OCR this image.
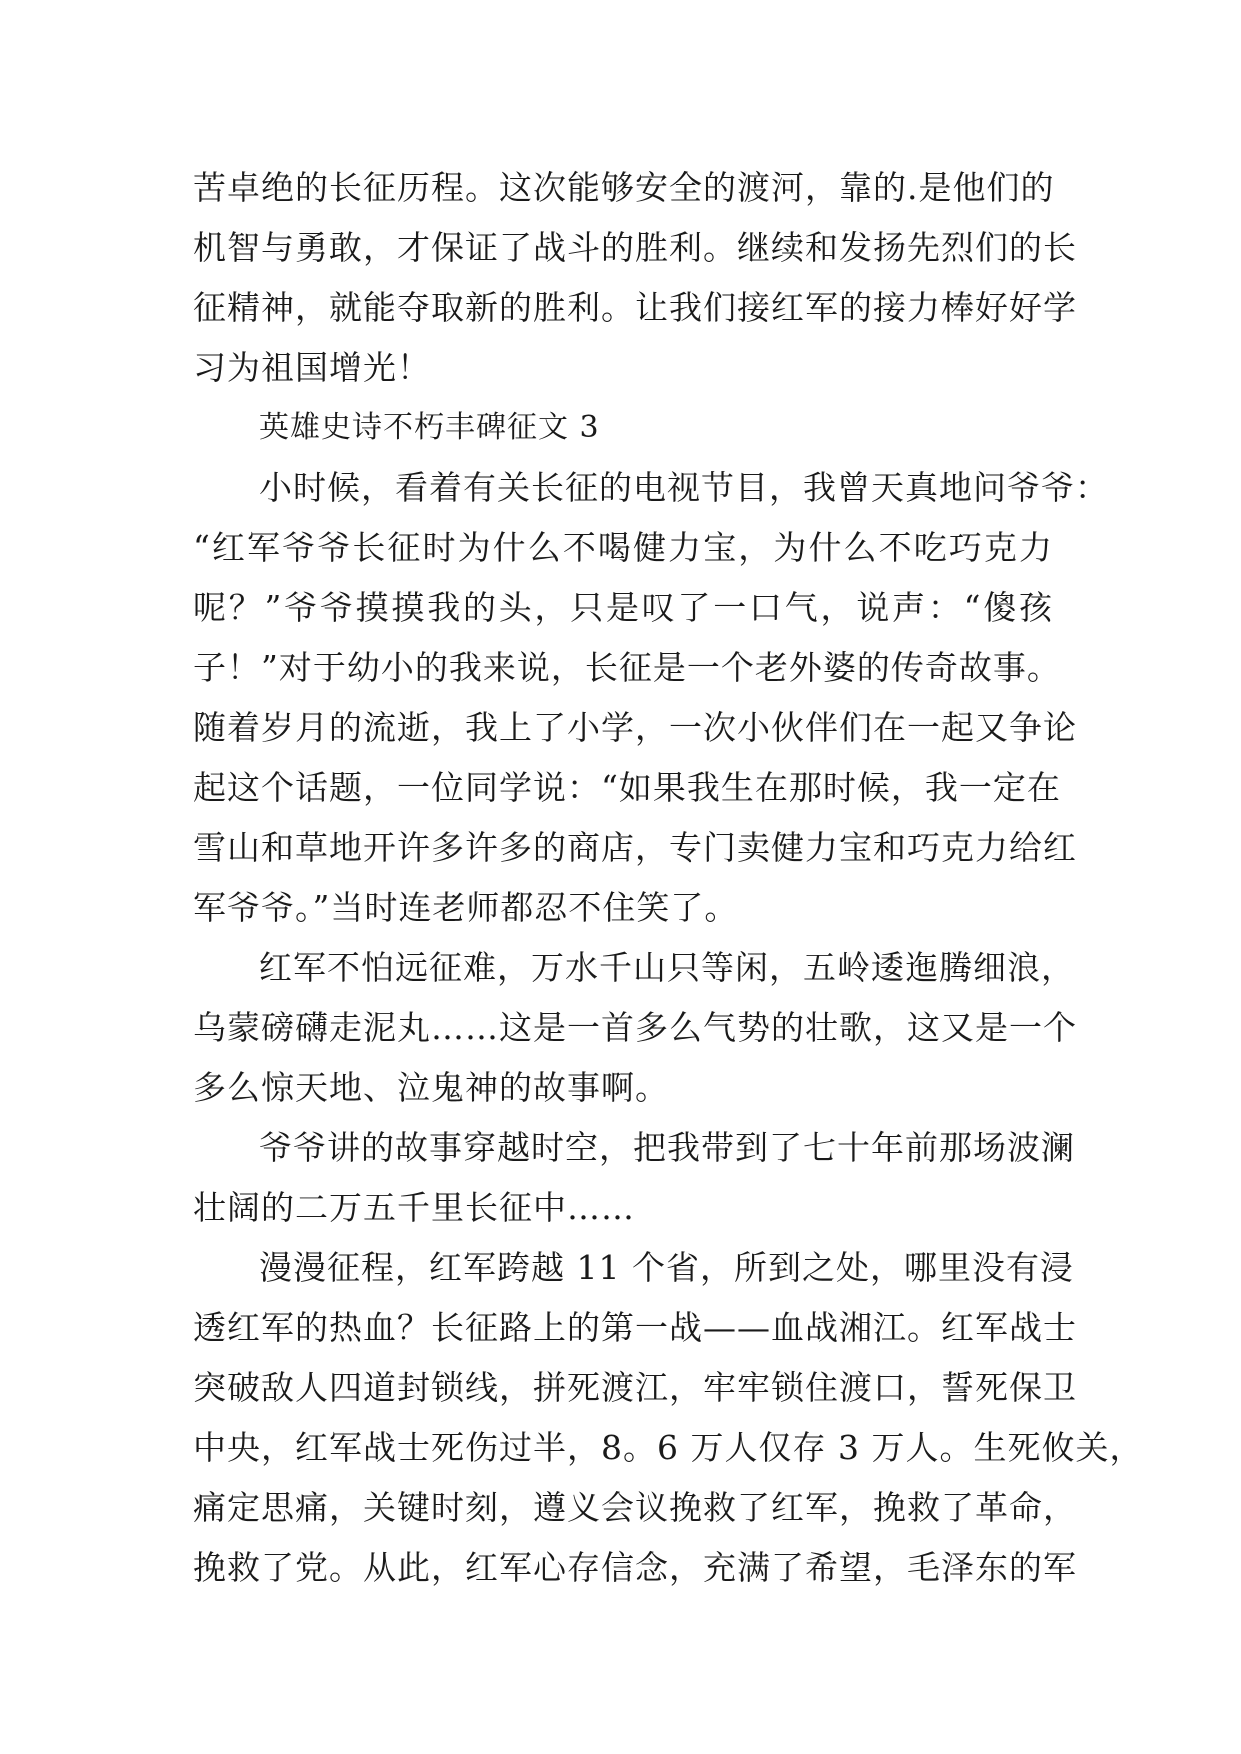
苦卓绝的长征历程。这次能够安全的渡河，靠的.是他们的
机智与勇敢，才保证了战斗的胜利。继续和发扬先烈们的长
征精神，就能夺取新的胜利。让我们接红军的接力棒好好学
习为祖国增光！
英雄史诗不朽丰碑征文 3
小时候，看着有关长征的电视节目，我曾天真地问爷爷：
“红军爷爷长征时为什么不喝健力宝，为什么不吃巧克力
呢？”爷爷摸摸我的头，只是叹了一口气，说声：“傻孩
子！”对于幼小的我来说，长征是一个老外婆的传奇故事。
随着岁月的流逝，我上了小学，一次小伙伴们在一起又争论
起这个话题，一位同学说：“如果我生在那时候，我一定在
雪山和草地开许多许多的商店，专门卖健力宝和巧克力给红
军爷爷。”当时连老师都忍不住笑了。
红军不怕远征难，万水千山只等闲，五岭逶迤腾细浪，
乌蒙磅礴走泥丸……这是一首多么气势的壮歌，这又是一个
多么惊天地、泣鬼神的故事啊。
爷爷讲的故事穿越时空，把我带到了七十年前那场波澜
壮阔的二万五千里长征中……
漫漫征程，红军跨越 11 个省，所到之处，哪里没有浸
透红军的热血？长征路上的第一战——血战湘江。红军战士
突破敌人四道封锁线，拼死渡江，牢牢锁住渡口，誓死保卫
中央，红军战士死伤过半，8。6 万人仅存 3 万人。生死攸关，
痛定思痛，关键时刻，遵义会议挽救了红军，挽救了革命，
挽救了党。从此，红军心存信念，充满了希望，毛泽东的军
